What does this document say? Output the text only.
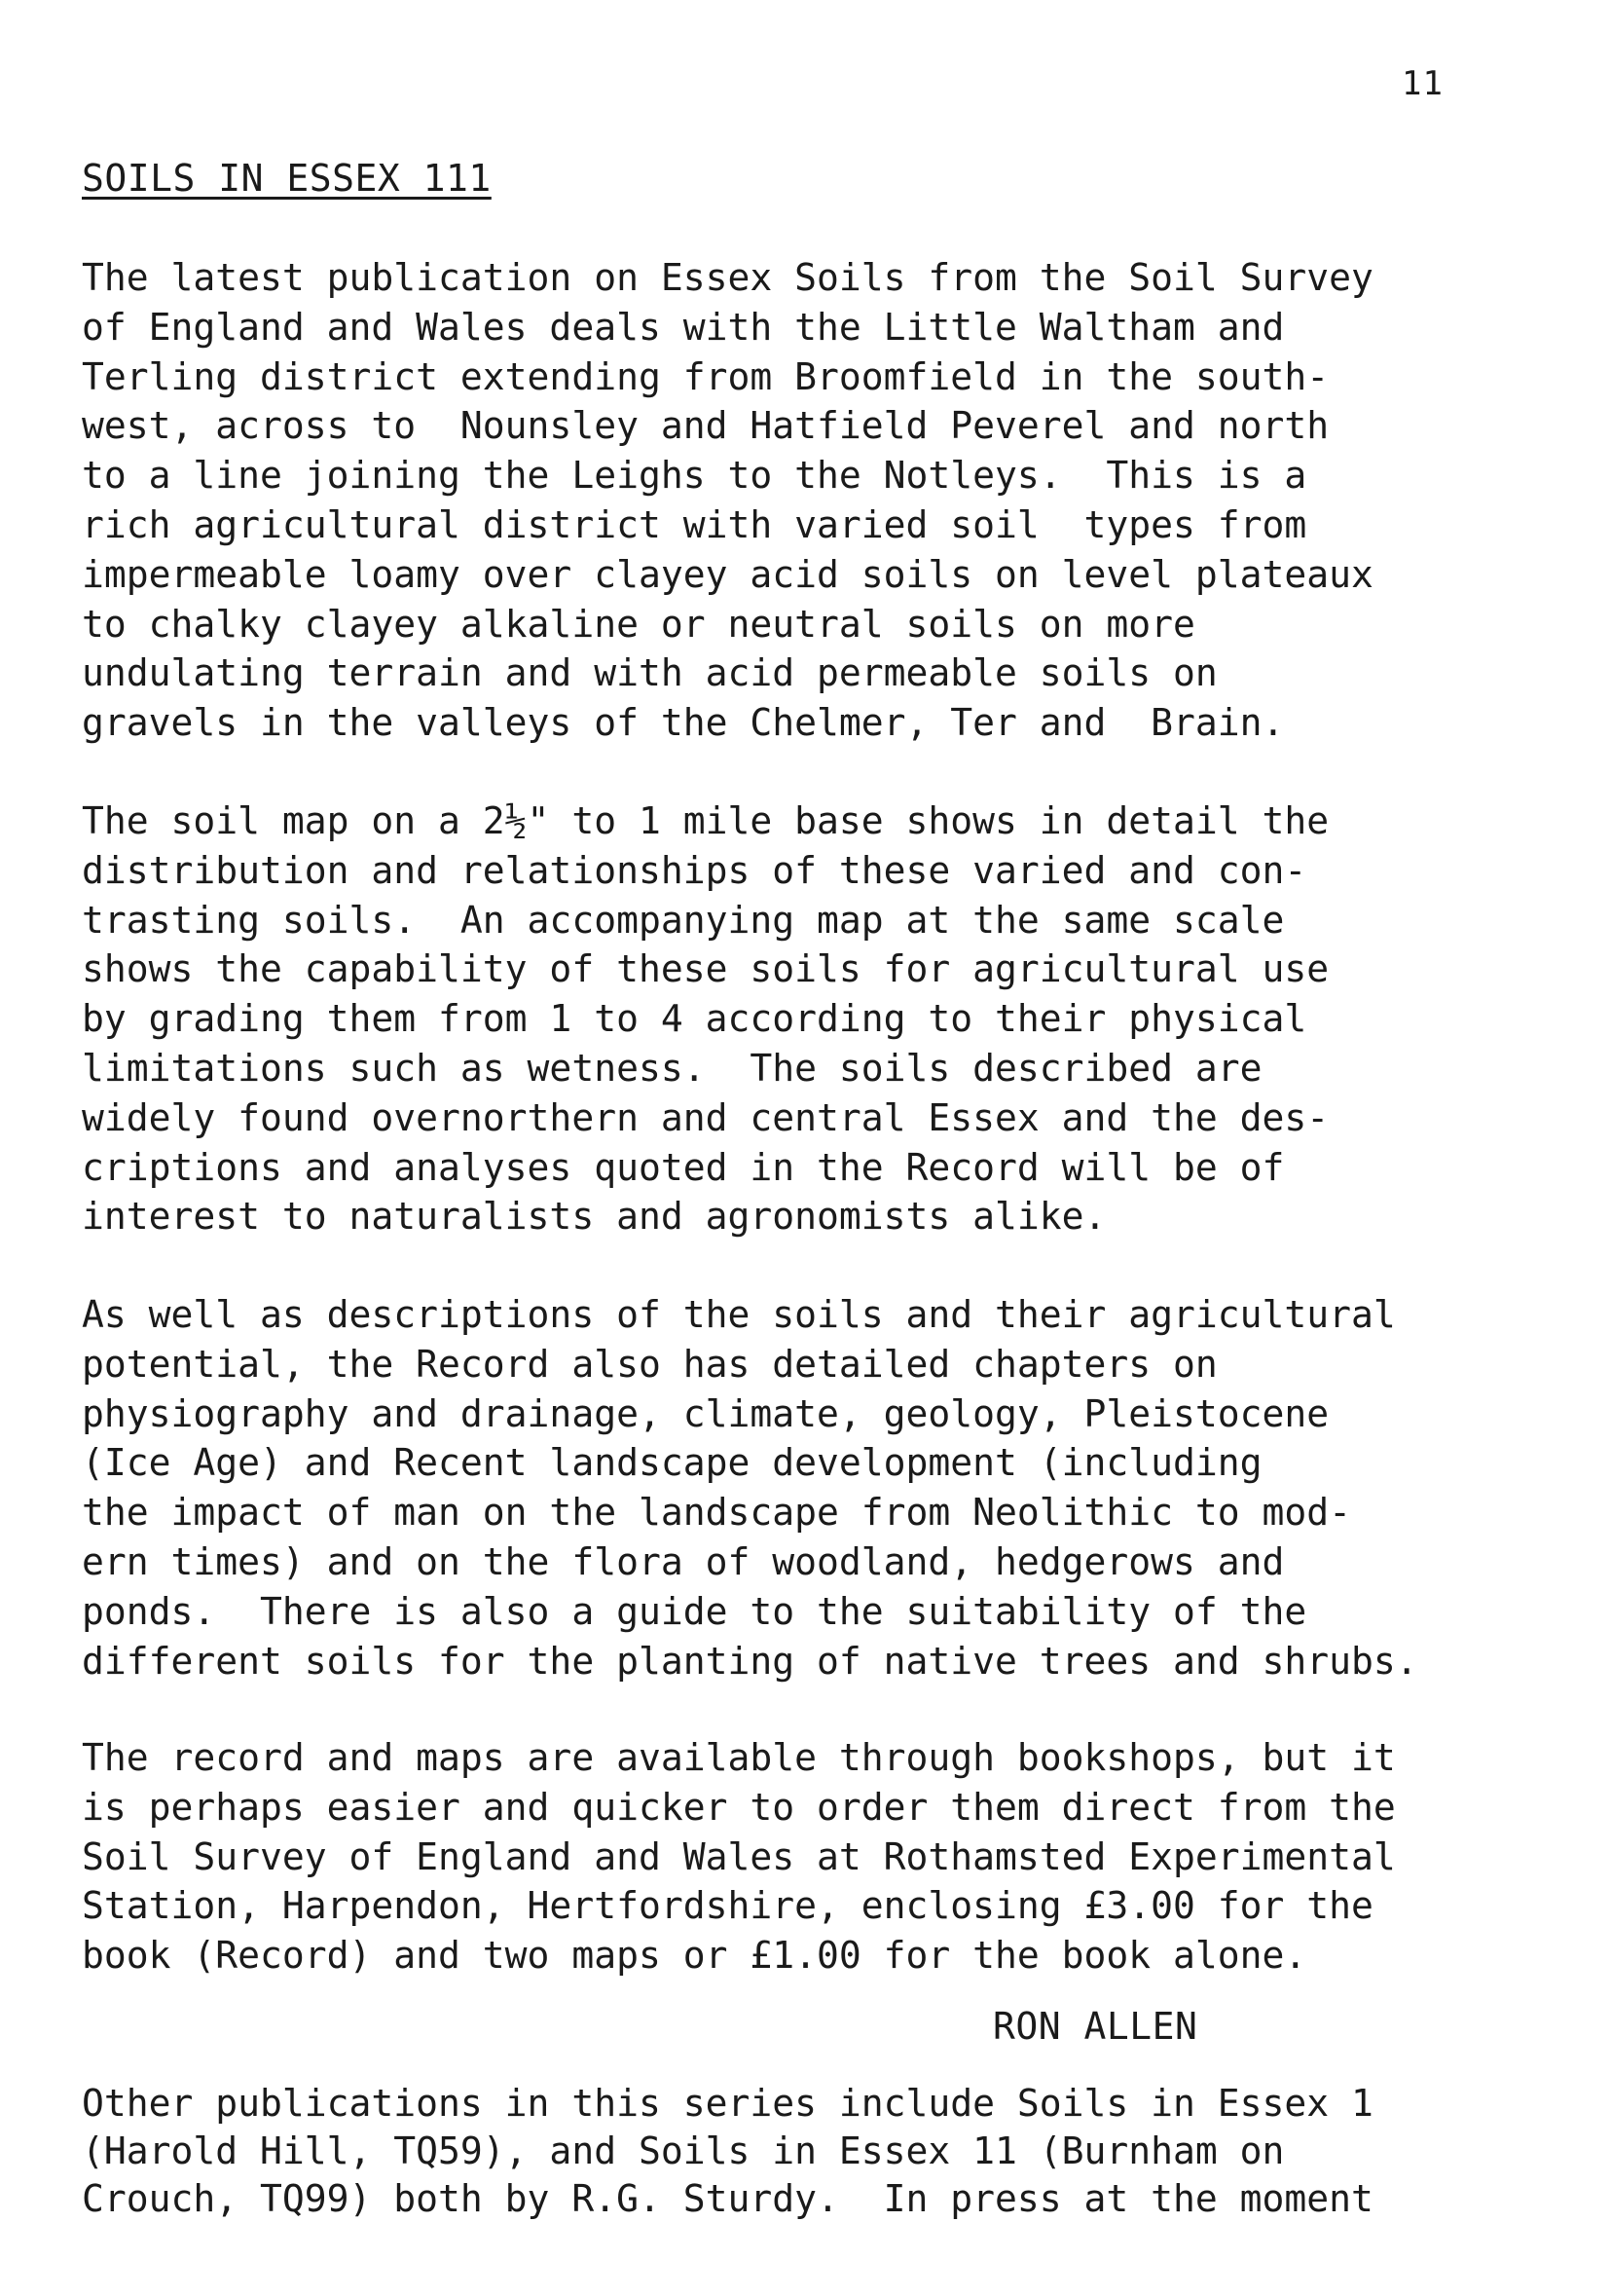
11
SOILS IN ESSEX 111

The latest publication on Essex Soils from the Soil Survey
of England and Wales deals with the Little Waltham and
Terling district extending from Broomfield in the south-
west, across to  Nounsley and Hatfield Peverel and north
to a line joining the Leighs to the Notleys.  This is a
rich agricultural district with varied soil  types from
impermeable loamy over clayey acid soils on level plateaux
to chalky clayey alkaline or neutral soils on more
undulating terrain and with acid permeable soils on
gravels in the valleys of the Chelmer, Ter and  Brain.

The soil map on a 2½" to 1 mile base shows in detail the
distribution and relationships of these varied and con-
trasting soils.  An accompanying map at the same scale
shows the capability of these soils for agricultural use
by grading them from 1 to 4 according to their physical
limitations such as wetness.  The soils described are
widely found overnorthern and central Essex and the des-
criptions and analyses quoted in the Record will be of
interest to naturalists and agronomists alike.

As well as descriptions of the soils and their agricultural
potential, the Record also has detailed chapters on
physiography and drainage, climate, geology, Pleistocene
(Ice Age) and Recent landscape development (including
the impact of man on the landscape from Neolithic to mod-
ern times) and on the flora of woodland, hedgerows and
ponds.  There is also a guide to the suitability of the
different soils for the planting of native trees and shrubs.

The record and maps are available through bookshops, but it
is perhaps easier and quicker to order them direct from the
Soil Survey of England and Wales at Rothamsted Experimental
Station, Harpendon, Hertfordshire, enclosing £3.00 for the
book (Record) and two maps or £1.00 for the book alone.

RON ALLEN

Other publications in this series include Soils in Essex 1
(Harold Hill, TQ59), and Soils in Essex 11 (Burnham on
Crouch, TQ99) both by R.G. Sturdy.  In press at the moment
